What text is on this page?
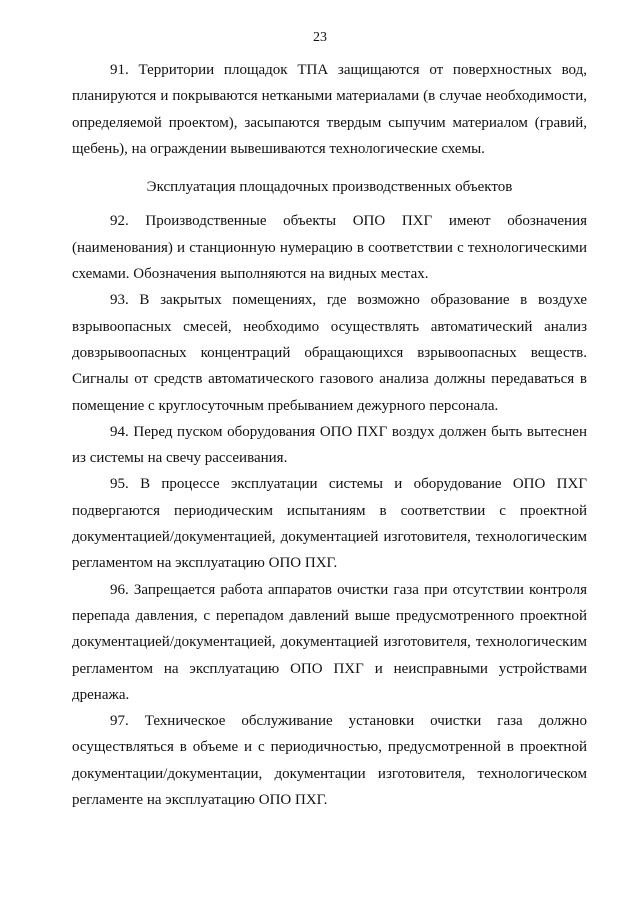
23

91. Территории площадок ТПА защищаются от поверхностных вод, планируются и покрываются неткаными материалами (в случае необходимости, определяемой проектом), засыпаются твердым сыпучим материалом (гравий, щебень), на ограждении вывешиваются технологические схемы.

Эксплуатация площадочных производственных объектов

92. Производственные объекты ОПО ПХГ имеют обозначения (наименования) и станционную нумерацию в соответствии с технологическими схемами. Обозначения выполняются на видных местах.

93. В закрытых помещениях, где возможно образование в воздухе взрывоопасных смесей, необходимо осуществлять автоматический анализ довзрывоопасных концентраций обращающихся взрывоопасных веществ. Сигналы от средств автоматического газового анализа должны передаваться в помещение с круглосуточным пребыванием дежурного персонала.

94. Перед пуском оборудования ОПО ПХГ воздух должен быть вытеснен из системы на свечу рассеивания.

95. В процессе эксплуатации системы и оборудование ОПО ПХГ подвергаются периодическим испытаниям в соответствии с проектной документацией/документацией, документацией изготовителя, технологическим регламентом на эксплуатацию ОПО ПХГ.

96. Запрещается работа аппаратов очистки газа при отсутствии контроля перепада давления, с перепадом давлений выше предусмотренного проектной документацией/документацией, документацией изготовителя, технологическим регламентом на эксплуатацию ОПО ПХГ и неисправными устройствами дренажа.

97. Техническое обслуживание установки очистки газа должно осуществляться в объеме и с периодичностью, предусмотренной в проектной документации/документации, документации изготовителя, технологическом регламенте на эксплуатацию ОПО ПХГ.
